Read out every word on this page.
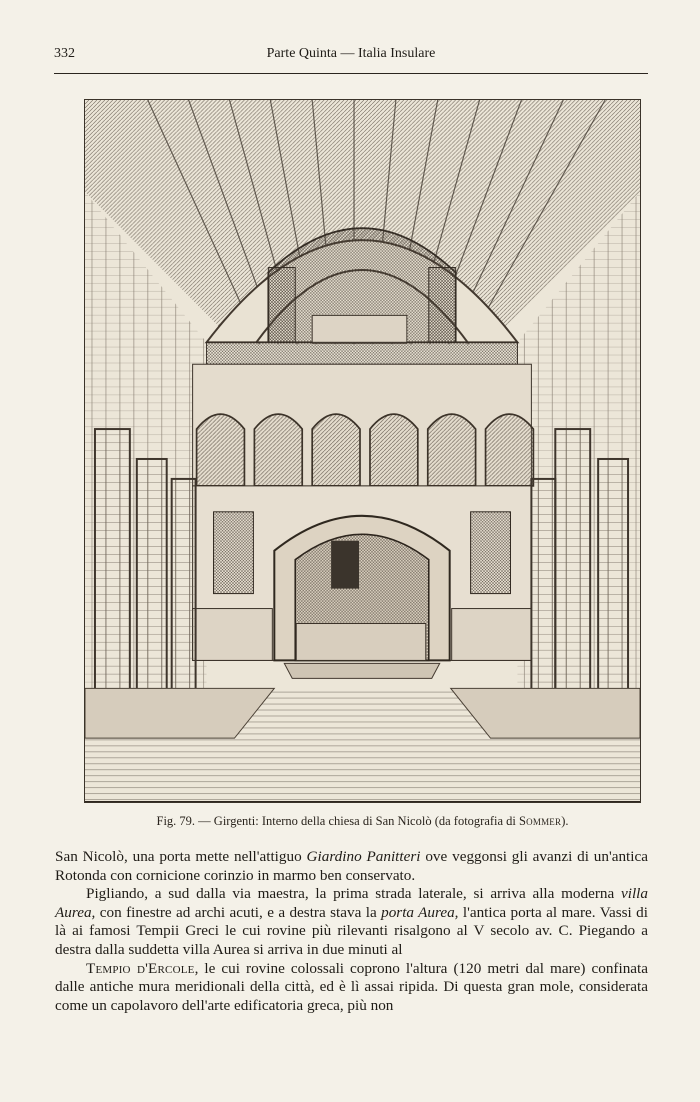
332	Parte Quinta — Italia Insulare
Fig. 79. — Girgenti: Interno della chiesa di San Nicolò (da fotografia di Sommer).

San Nicolò, una porta mette nell'attiguo Giardino Panitteri ove veggonsi gli avanzi di un'antica Rotonda con cornicione corinzio in marmo ben conservato.

Pigliando, a sud dalla via maestra, la prima strada laterale, si arriva alla moderna villa Aurea, con finestre ad archi acuti, e a destra stava la porta Aurea, l'antica porta al mare. Vassi di là ai famosi Tempii Greci le cui rovine più rilevanti risalgono al V secolo av. C. Piegando a destra dalla suddetta villa Aurea si arriva in due minuti al

Tempio d'Ercole, le cui rovine colossali coprono l'altura (120 metri dal mare) confinata dalle antiche mura meridionali della città, ed è lì assai ripida. Di questa gran mole, considerata come un capolavoro dell'arte edificatoria greca, più non
